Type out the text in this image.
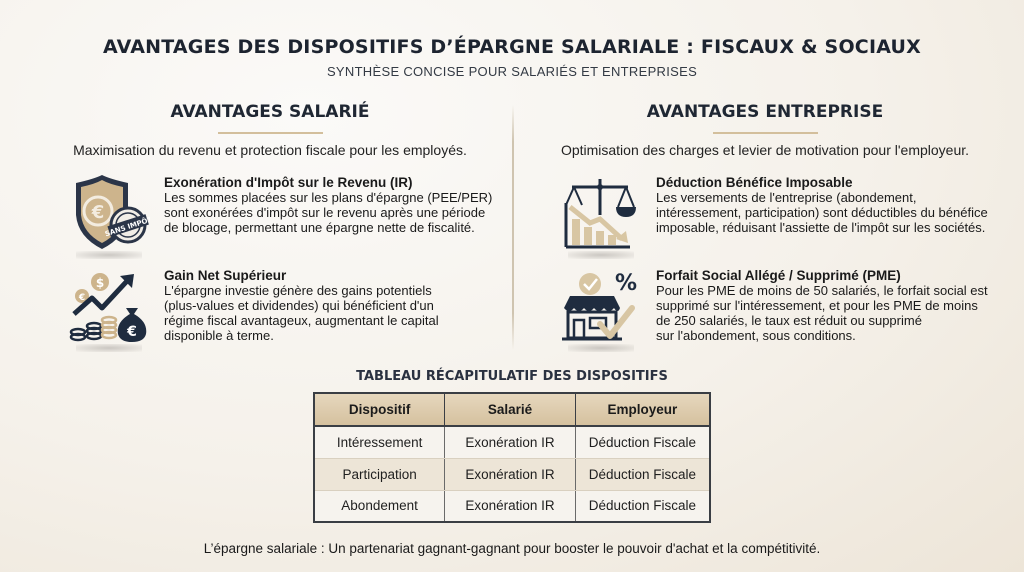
AVANTAGES DES DISPOSITIFS D’ÉPARGNE SALARIALE : FISCAUX & SOCIAUX
SYNTHÈSE CONCISE POUR SALARIÉS ET ENTREPRISES
AVANTAGES SALARIÉ
Maximisation du revenu et protection fiscale pour les employés.
AVANTAGES ENTREPRISE
Optimisation des charges et levier de motivation pour l'employeur.
€
SANS IMPÔT
Exonération d'Impôt sur le Revenu (IR)
Les sommes placées sur les plans d'épargne (PEE/PER)
sont exonérées d'impôt sur le revenu après une période
de blocage, permettant une épargne nette de fiscalité.
€
$
€
Gain Net Supérieur
L'épargne investie génère des gains potentiels
(plus-values et dividendes) qui bénéficient d'un
régime fiscal avantageux, augmentant le capital
disponible à terme.
Déduction Bénéfice Imposable
Les versements de l'entreprise (abondement,
intéressement, participation) sont déductibles du bénéfice
imposable, réduisant l'assiette de l'impôt sur les sociétés.
% Forfait Social Allégé / Supprimé (PME)
Pour les PME de moins de 50 salariés, le forfait social est
supprimé sur l'intéressement, et pour les PME de moins
de 250 salariés, le taux est réduit ou supprimé
sur l'abondement, sous conditions.
TABLEAU RÉCAPITULATIF DES DISPOSITIFS
Dispositif	Salarié	Employeur
Intéressement	Exonération IR	Déduction Fiscale
Participation	Exonération IR	Déduction Fiscale
Abondement	Exonération IR	Déduction Fiscale
L’épargne salariale : Un partenariat gagnant-gagnant pour booster le pouvoir d'achat et la compétitivité.
